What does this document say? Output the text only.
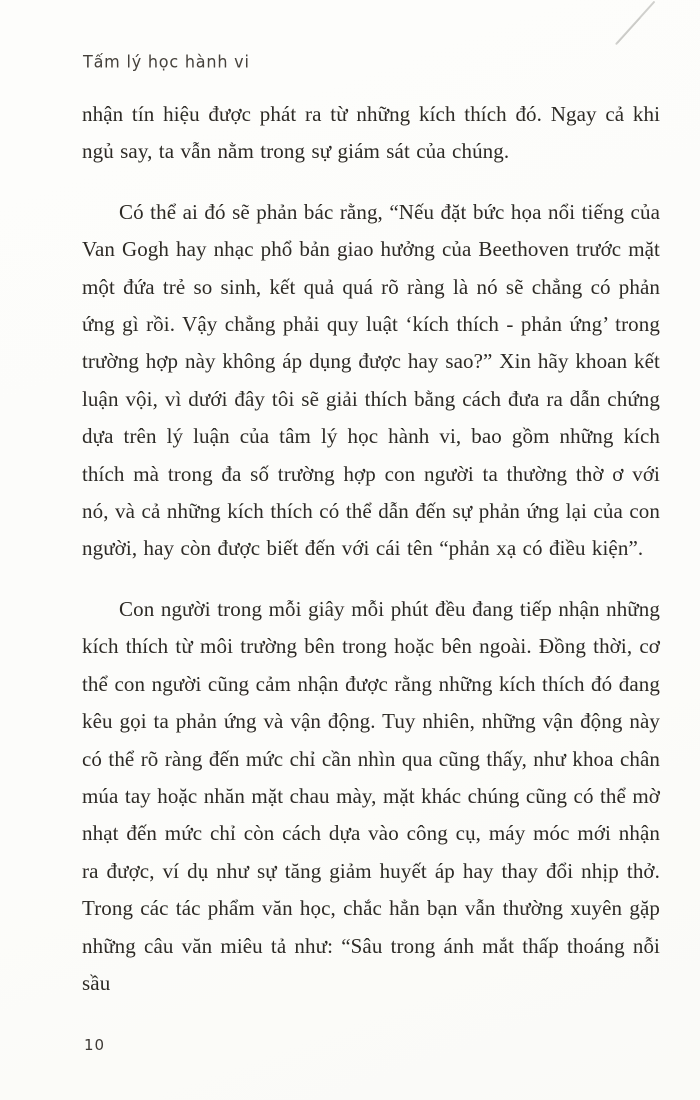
Tấm lý học hành vi

nhận tín hiệu được phát ra từ những kích thích đó. Ngay cả khi ngủ say, ta vẫn nằm trong sự giám sát của chúng.

Có thể ai đó sẽ phản bác rằng, “Nếu đặt bức họa nổi tiếng của Van Gogh hay nhạc phổ bản giao hưởng của Beethoven trước mặt một đứa trẻ so sinh, kết quả quá rõ ràng là nó sẽ chẳng có phản ứng gì rồi. Vậy chẳng phải quy luật ‘kích thích - phản ứng’ trong trường hợp này không áp dụng được hay sao?” Xin hãy khoan kết luận vội, vì dưới đây tôi sẽ giải thích bằng cách đưa ra dẫn chứng dựa trên lý luận của tâm lý học hành vi, bao gồm những kích thích mà trong đa số trường hợp con người ta thường thờ ơ với nó, và cả những kích thích có thể dẫn đến sự phản ứng lại của con người, hay còn được biết đến với cái tên “phản xạ có điều kiện”.

Con người trong mỗi giây mỗi phút đều đang tiếp nhận những kích thích từ môi trường bên trong hoặc bên ngoài. Đồng thời, cơ thể con người cũng cảm nhận được rằng những kích thích đó đang kêu gọi ta phản ứng và vận động. Tuy nhiên, những vận động này có thể rõ ràng đến mức chỉ cần nhìn qua cũng thấy, như khoa chân múa tay hoặc nhăn mặt chau mày, mặt khác chúng cũng có thể mờ nhạt đến mức chỉ còn cách dựa vào công cụ, máy móc mới nhận ra được, ví dụ như sự tăng giảm huyết áp hay thay đổi nhịp thở. Trong các tác phẩm văn học, chắc hẳn bạn vẫn thường xuyên gặp những câu văn miêu tả như: “Sâu trong ánh mắt thấp thoáng nỗi sầu

10
